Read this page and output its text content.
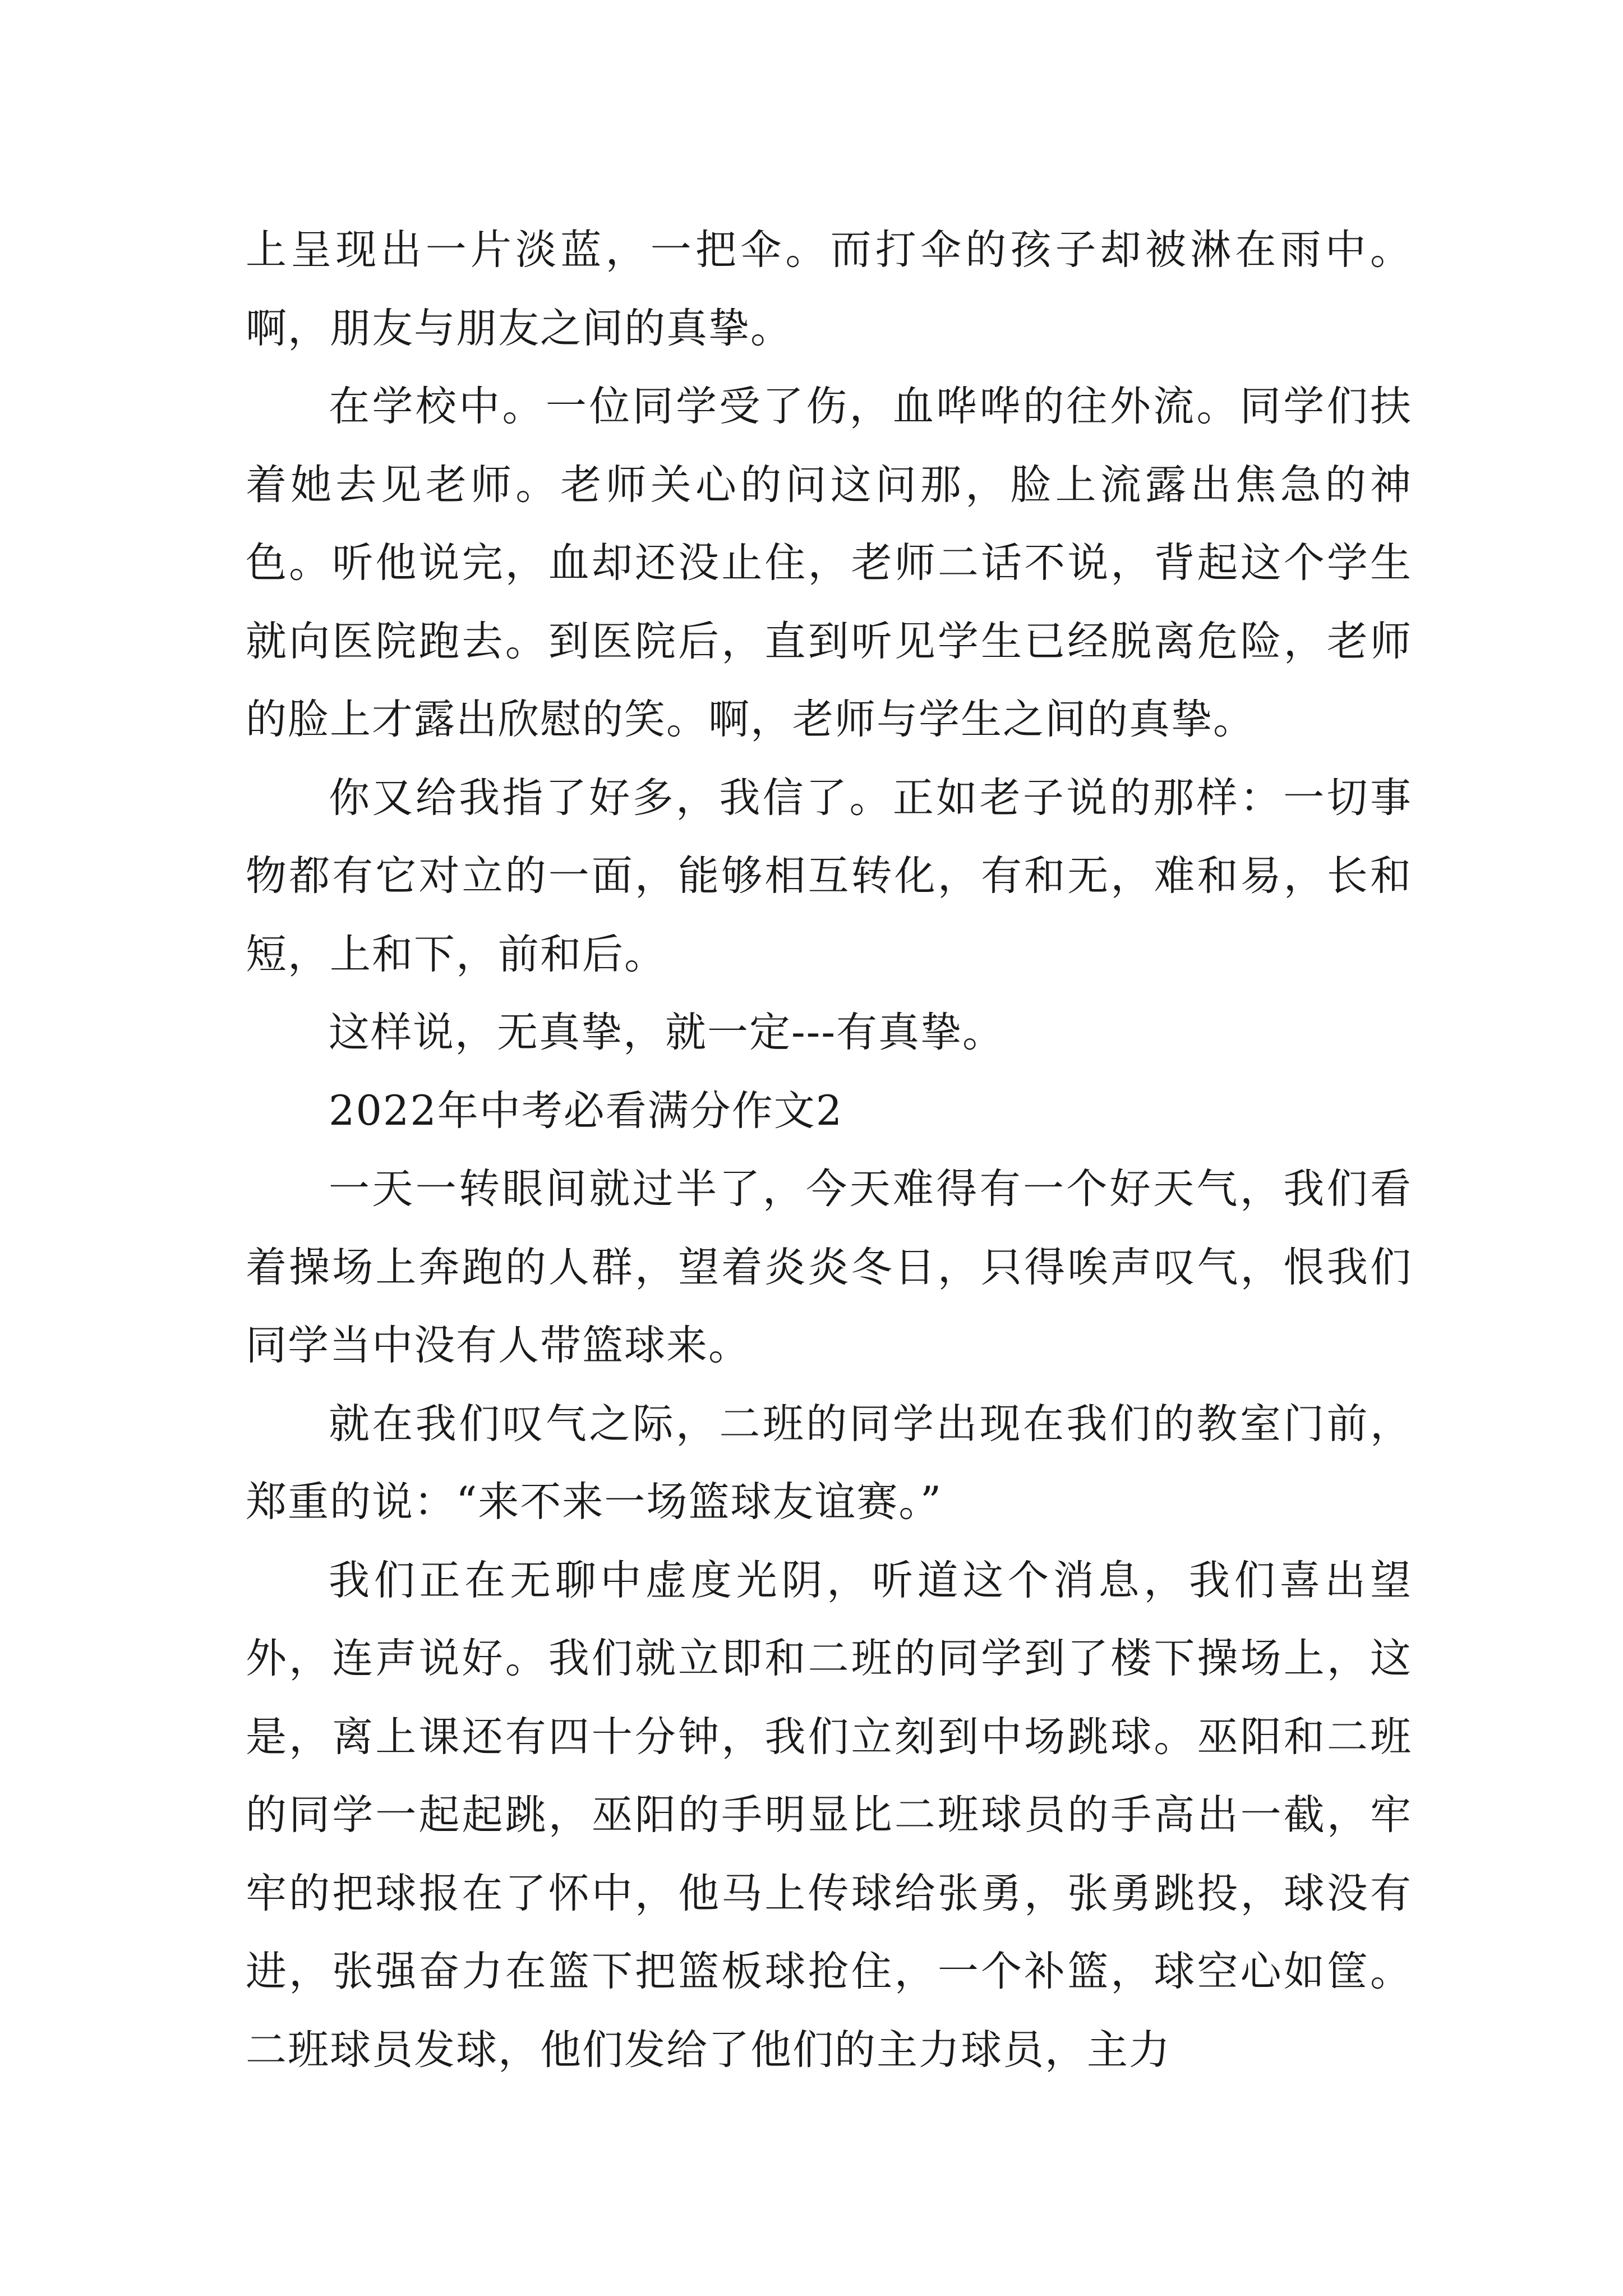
上呈现出一片淡蓝，一把伞。而打伞的孩子却被淋在雨中。啊，朋友与朋友之间的真挚。

在学校中。一位同学受了伤，血哗哗的往外流。同学们扶着她去见老师。老师关心的问这问那，脸上流露出焦急的神色。听他说完，血却还没止住，老师二话不说，背起这个学生就向医院跑去。到医院后，直到听见学生已经脱离危险，老师的脸上才露出欣慰的笑。啊，老师与学生之间的真挚。

你又给我指了好多，我信了。正如老子说的那样：一切事物都有它对立的一面，能够相互转化，有和无，难和易，长和短，上和下，前和后。

这样说，无真挚，就一定---有真挚。

2022年中考必看满分作文2

一天一转眼间就过半了，今天难得有一个好天气，我们看着操场上奔跑的人群，望着炎炎冬日，只得唉声叹气，恨我们同学当中没有人带篮球来。

就在我们叹气之际，二班的同学出现在我们的教室门前，郑重的说：“来不来一场篮球友谊赛。”

我们正在无聊中虚度光阴，听道这个消息，我们喜出望外，连声说好。我们就立即和二班的同学到了楼下操场上，这是，离上课还有四十分钟，我们立刻到中场跳球。巫阳和二班的同学一起起跳，巫阳的手明显比二班球员的手高出一截，牢牢的把球报在了怀中，他马上传球给张勇，张勇跳投，球没有进，张强奋力在篮下把篮板球抢住，一个补篮，球空心如筐。二班球员发球，他们发给了他们的主力球员，主力
